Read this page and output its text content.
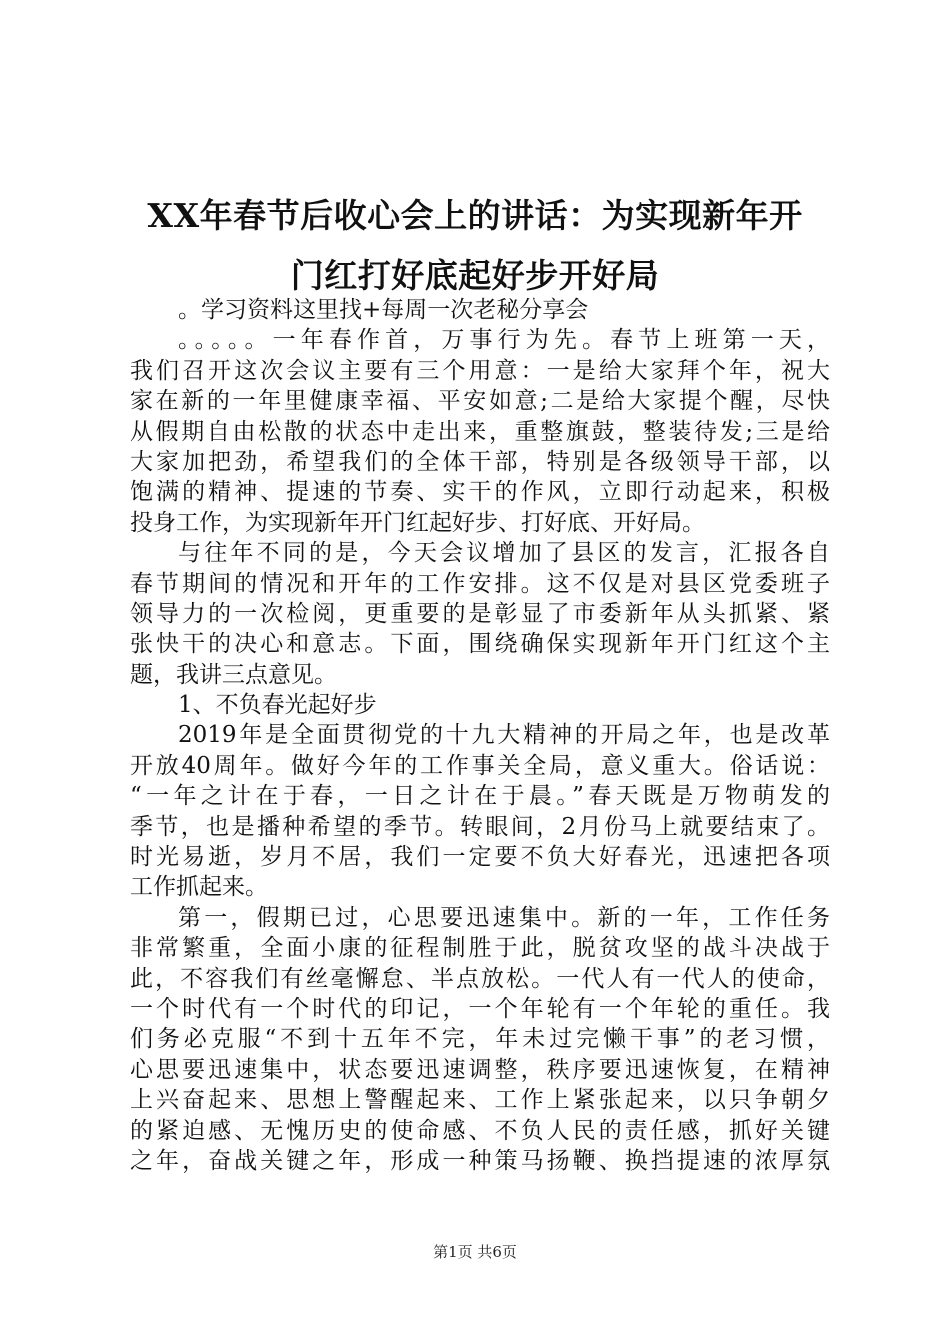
XX年春节后收心会上的讲话：为实现新年开
门红打好底起好步开好局
。学习资料这里找+每周一次老秘分享会
。。。。。一年春作首，万事行为先。春节上班第一天，
我们召开这次会议主要有三个用意：一是给大家拜个年，祝大
家在新的一年里健康幸福、平安如意;二是给大家提个醒，尽快
从假期自由松散的状态中走出来，重整旗鼓，整装待发;三是给
大家加把劲，希望我们的全体干部，特别是各级领导干部，以
饱满的精神、提速的节奏、实干的作风，立即行动起来，积极
投身工作，为实现新年开门红起好步、打好底、开好局。
与往年不同的是，今天会议增加了县区的发言，汇报各自
春节期间的情况和开年的工作安排。这不仅是对县区党委班子
领导力的一次检阅，更重要的是彰显了市委新年从头抓紧、紧
张快干的决心和意志。下面，围绕确保实现新年开门红这个主
题，我讲三点意见。
1、不负春光起好步
2019年是全面贯彻党的十九大精神的开局之年，也是改革
开放40周年。做好今年的工作事关全局，意义重大。俗话说：
“一年之计在于春，一日之计在于晨。”春天既是万物萌发的
季节，也是播种希望的季节。转眼间，2月份马上就要结束了。
时光易逝，岁月不居，我们一定要不负大好春光，迅速把各项
工作抓起来。
第一，假期已过，心思要迅速集中。新的一年，工作任务
非常繁重，全面小康的征程制胜于此，脱贫攻坚的战斗决战于
此，不容我们有丝毫懈怠、半点放松。一代人有一代人的使命，
一个时代有一个时代的印记，一个年轮有一个年轮的重任。我
们务必克服“不到十五年不完，年未过完懒干事”的老习惯，
心思要迅速集中，状态要迅速调整，秩序要迅速恢复，在精神
上兴奋起来、思想上警醒起来、工作上紧张起来，以只争朝夕
的紧迫感、无愧历史的使命感、不负人民的责任感，抓好关键
之年，奋战关键之年，形成一种策马扬鞭、换挡提速的浓厚氛
第1页 共6页
